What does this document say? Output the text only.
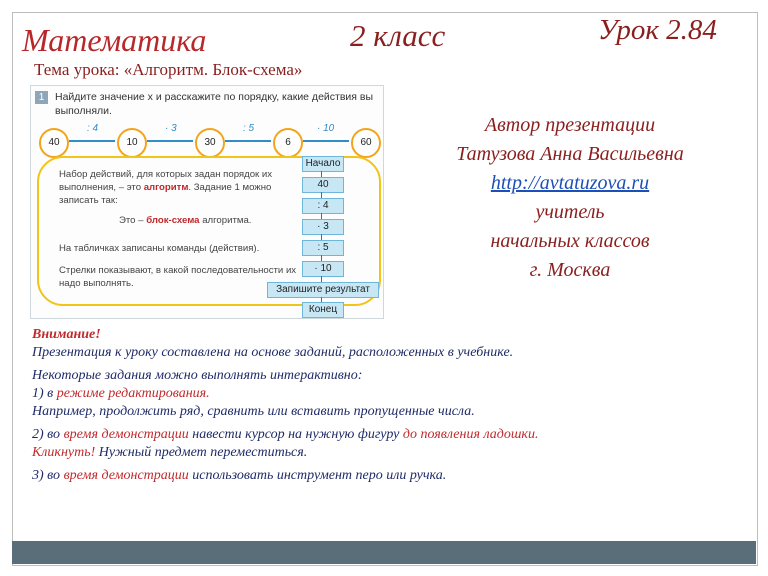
Математика	2 класс	Урок 2.84
Тема урока: «Алгоритм. Блок-схема»
1	Найдите значение x и расскажите по порядку, какие действия вы
выполняли.
40
: 4
10
· 3
30
: 5
6
· 10
60
Набор действий, для которых задан порядок их
выполнения, – это алгоритм. Задание 1 можно
записать так:
Это – блок-схема алгоритма.
На табличках записаны команды (действия).
Стрелки показывают, в какой последовательности их
надо выполнять.
Начало
40
: 4
· 3
: 5
· 10
Запишите результат
Конец
Автор презентации
Татузова Анна Васильевна
http://avtatuzova.ru
учитель
начальных классов
г. Москва
Внимание!
Презентация к уроку составлена на основе заданий, расположенных в учебнике.
Некоторые задания можно выполнять интерактивно:
1) в режиме редактирования.
Например, продолжить ряд, сравнить или вставить пропущенные числа.
2) во время демонстрации навести курсор на нужную фигуру до появления ладошки.
Кликнуть! Нужный предмет переместиться.
3) во время демонстрации использовать инструмент перо или ручка.
